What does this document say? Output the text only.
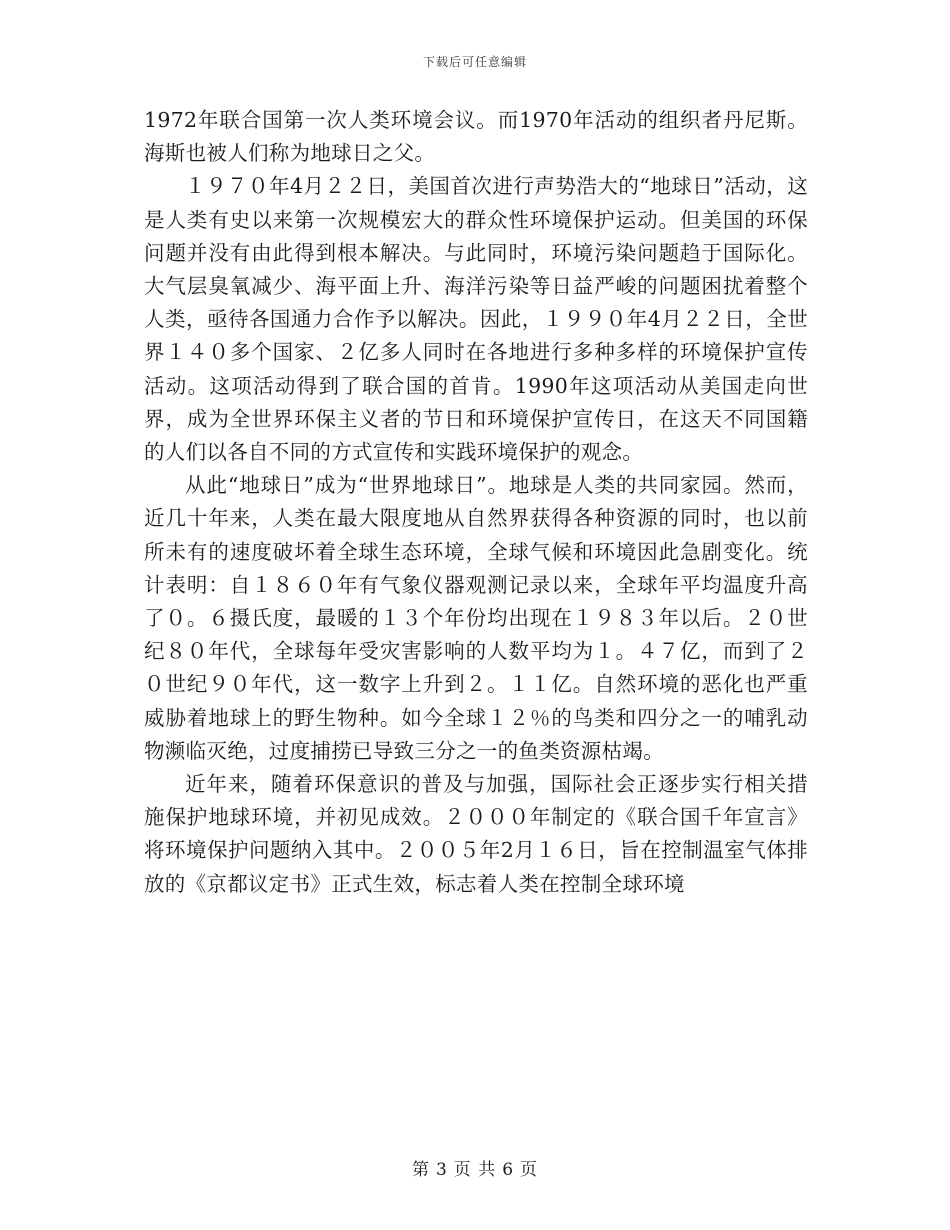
下载后可任意编辑

1972年联合国第一次人类环境会议。而1970年活动的组织者丹尼斯。海斯也被人们称为地球日之父。

１９７０年4月２２日，美国首次进行声势浩大的“地球日”活动，这是人类有史以来第一次规模宏大的群众性环境保护运动。但美国的环保问题并没有由此得到根本解决。与此同时，环境污染问题趋于国际化。大气层臭氧减少、海平面上升、海洋污染等日益严峻的问题困扰着整个人类，亟待各国通力合作予以解决。因此，１９９０年4月２２日，全世界１４０多个国家、２亿多人同时在各地进行多种多样的环境保护宣传活动。这项活动得到了联合国的首肯。1990年这项活动从美国走向世界，成为全世界环保主义者的节日和环境保护宣传日，在这天不同国籍的人们以各自不同的方式宣传和实践环境保护的观念。

从此“地球日”成为“世界地球日”。地球是人类的共同家园。然而，近几十年来，人类在最大限度地从自然界获得各种资源的同时，也以前所未有的速度破坏着全球生态环境，全球气候和环境因此急剧变化。统计表明：自１８６０年有气象仪器观测记录以来，全球年平均温度升高了０。６摄氏度，最暖的１３个年份均出现在１９８３年以后。２０世纪８０年代，全球每年受灾害影响的人数平均为１。４７亿，而到了２０世纪９０年代，这一数字上升到２。１１亿。自然环境的恶化也严重威胁着地球上的野生物种。如今全球１２％的鸟类和四分之一的哺乳动物濒临灭绝，过度捕捞已导致三分之一的鱼类资源枯竭。

近年来，随着环保意识的普及与加强，国际社会正逐步实行相关措施保护地球环境，并初见成效。２０００年制定的《联合国千年宣言》将环境保护问题纳入其中。２００５年2月１６日，旨在控制温室气体排放的《京都议定书》正式生效，标志着人类在控制全球环境

第 3 页 共 6 页
